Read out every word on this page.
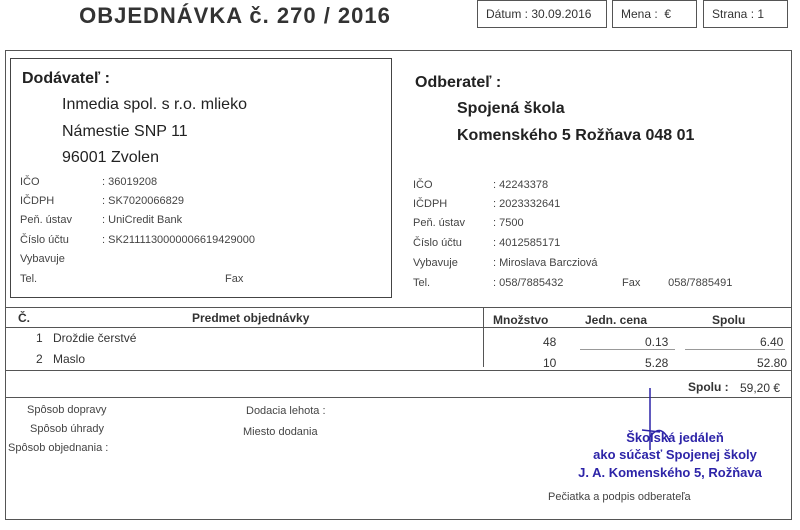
OBJEDNÁVKA č. 270 / 2016	Dátum :
30.09.2016 Mena :
€	Strana :
1
Dodávateľ :
Inmedia spol. s r.o. mlieko
Námestie SNP 11
96001 Zvolen
IČO	: 36019208
IČDPH	: SK7020066829
Peň. ústav	: UniCredit Bank
Číslo účtu	: SK2111130000006619429000
Vybavuje
Tel.	Fax
Odberateľ :
Spojená škola
Komenského 5 Rožňava 048 01
IČO	: 42243378
IČDPH	: 2023332641
Peň. ústav	: 7500
Číslo účtu	: 4012585171
Vybavuje	: Miroslava Barcziová
Tel.	: 058/7885432	Fax	058/7885491
Č.	Predmet objednávky	Množstvo	Jedn. cena	Spolu
1 Droždie čerstvé	48	0.13	6.40
2 Maslo	10	5.28	52.80
Spolu : 59,20 €
Spôsob dopravy
Spôsob úhrady
Spôsob objednania :
Dodacia lehota :
Miesto dodania	Školská jedáleň
ako súčasť Spojenej školy
J. A. Komenského 5, Rožňava
Pečiatka a podpis odberateľa
